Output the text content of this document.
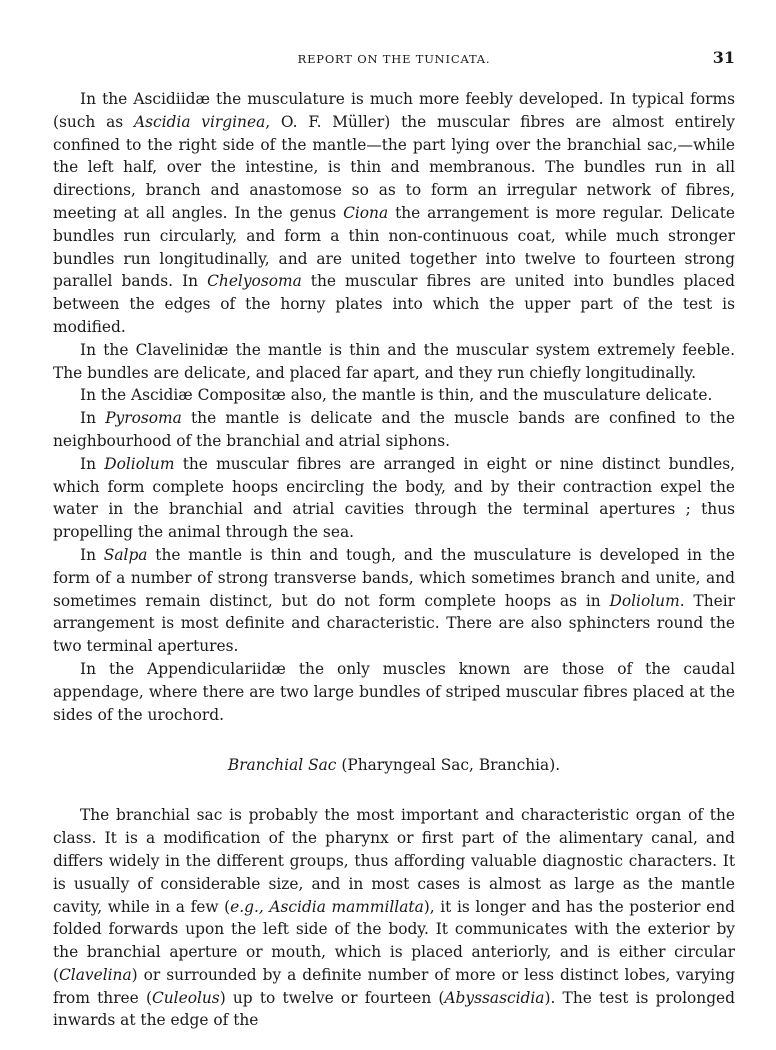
REPORT ON THE TUNICATA.	31

In the Ascidiidæ the musculature is much more feebly developed. In typical forms (such as Ascidia virginea, O. F. Müller) the muscular fibres are almost entirely confined to the right side of the mantle—the part lying over the branchial sac,—while the left half, over the intestine, is thin and membranous. The bundles run in all directions, branch and anastomose so as to form an irregular network of fibres, meeting at all angles. In the genus Ciona the arrangement is more regular. Delicate bundles run circularly, and form a thin non-continuous coat, while much stronger bundles run longitudinally, and are united together into twelve to fourteen strong parallel bands. In Chelyosoma the muscular fibres are united into bundles placed between the edges of the horny plates into which the upper part of the test is modified.

In the Clavelinidæ the mantle is thin and the muscular system extremely feeble. The bundles are delicate, and placed far apart, and they run chiefly longitudinally.

In the Ascidiæ Compositæ also, the mantle is thin, and the musculature delicate.

In Pyrosoma the mantle is delicate and the muscle bands are confined to the neighbourhood of the branchial and atrial siphons.

In Doliolum the muscular fibres are arranged in eight or nine distinct bundles, which form complete hoops encircling the body, and by their contraction expel the water in the branchial and atrial cavities through the terminal apertures ; thus propelling the animal through the sea.

In Salpa the mantle is thin and tough, and the musculature is developed in the form of a number of strong transverse bands, which sometimes branch and unite, and sometimes remain distinct, but do not form complete hoops as in Doliolum. Their arrangement is most definite and characteristic. There are also sphincters round the two terminal apertures.

In the Appendiculariidæ the only muscles known are those of the caudal appendage, where there are two large bundles of striped muscular fibres placed at the sides of the urochord.

Branchial Sac (Pharyngeal Sac, Branchia).

The branchial sac is probably the most important and characteristic organ of the class. It is a modification of the pharynx or first part of the alimentary canal, and differs widely in the different groups, thus affording valuable diagnostic characters. It is usually of considerable size, and in most cases is almost as large as the mantle cavity, while in a few (e.g., Ascidia mammillata), it is longer and has the posterior end folded forwards upon the left side of the body. It communicates with the exterior by the branchial aperture or mouth, which is placed anteriorly, and is either circular (Clavelina) or surrounded by a definite number of more or less distinct lobes, varying from three (Culeolus) up to twelve or fourteen (Abyssascidia). The test is prolonged inwards at the edge of the
